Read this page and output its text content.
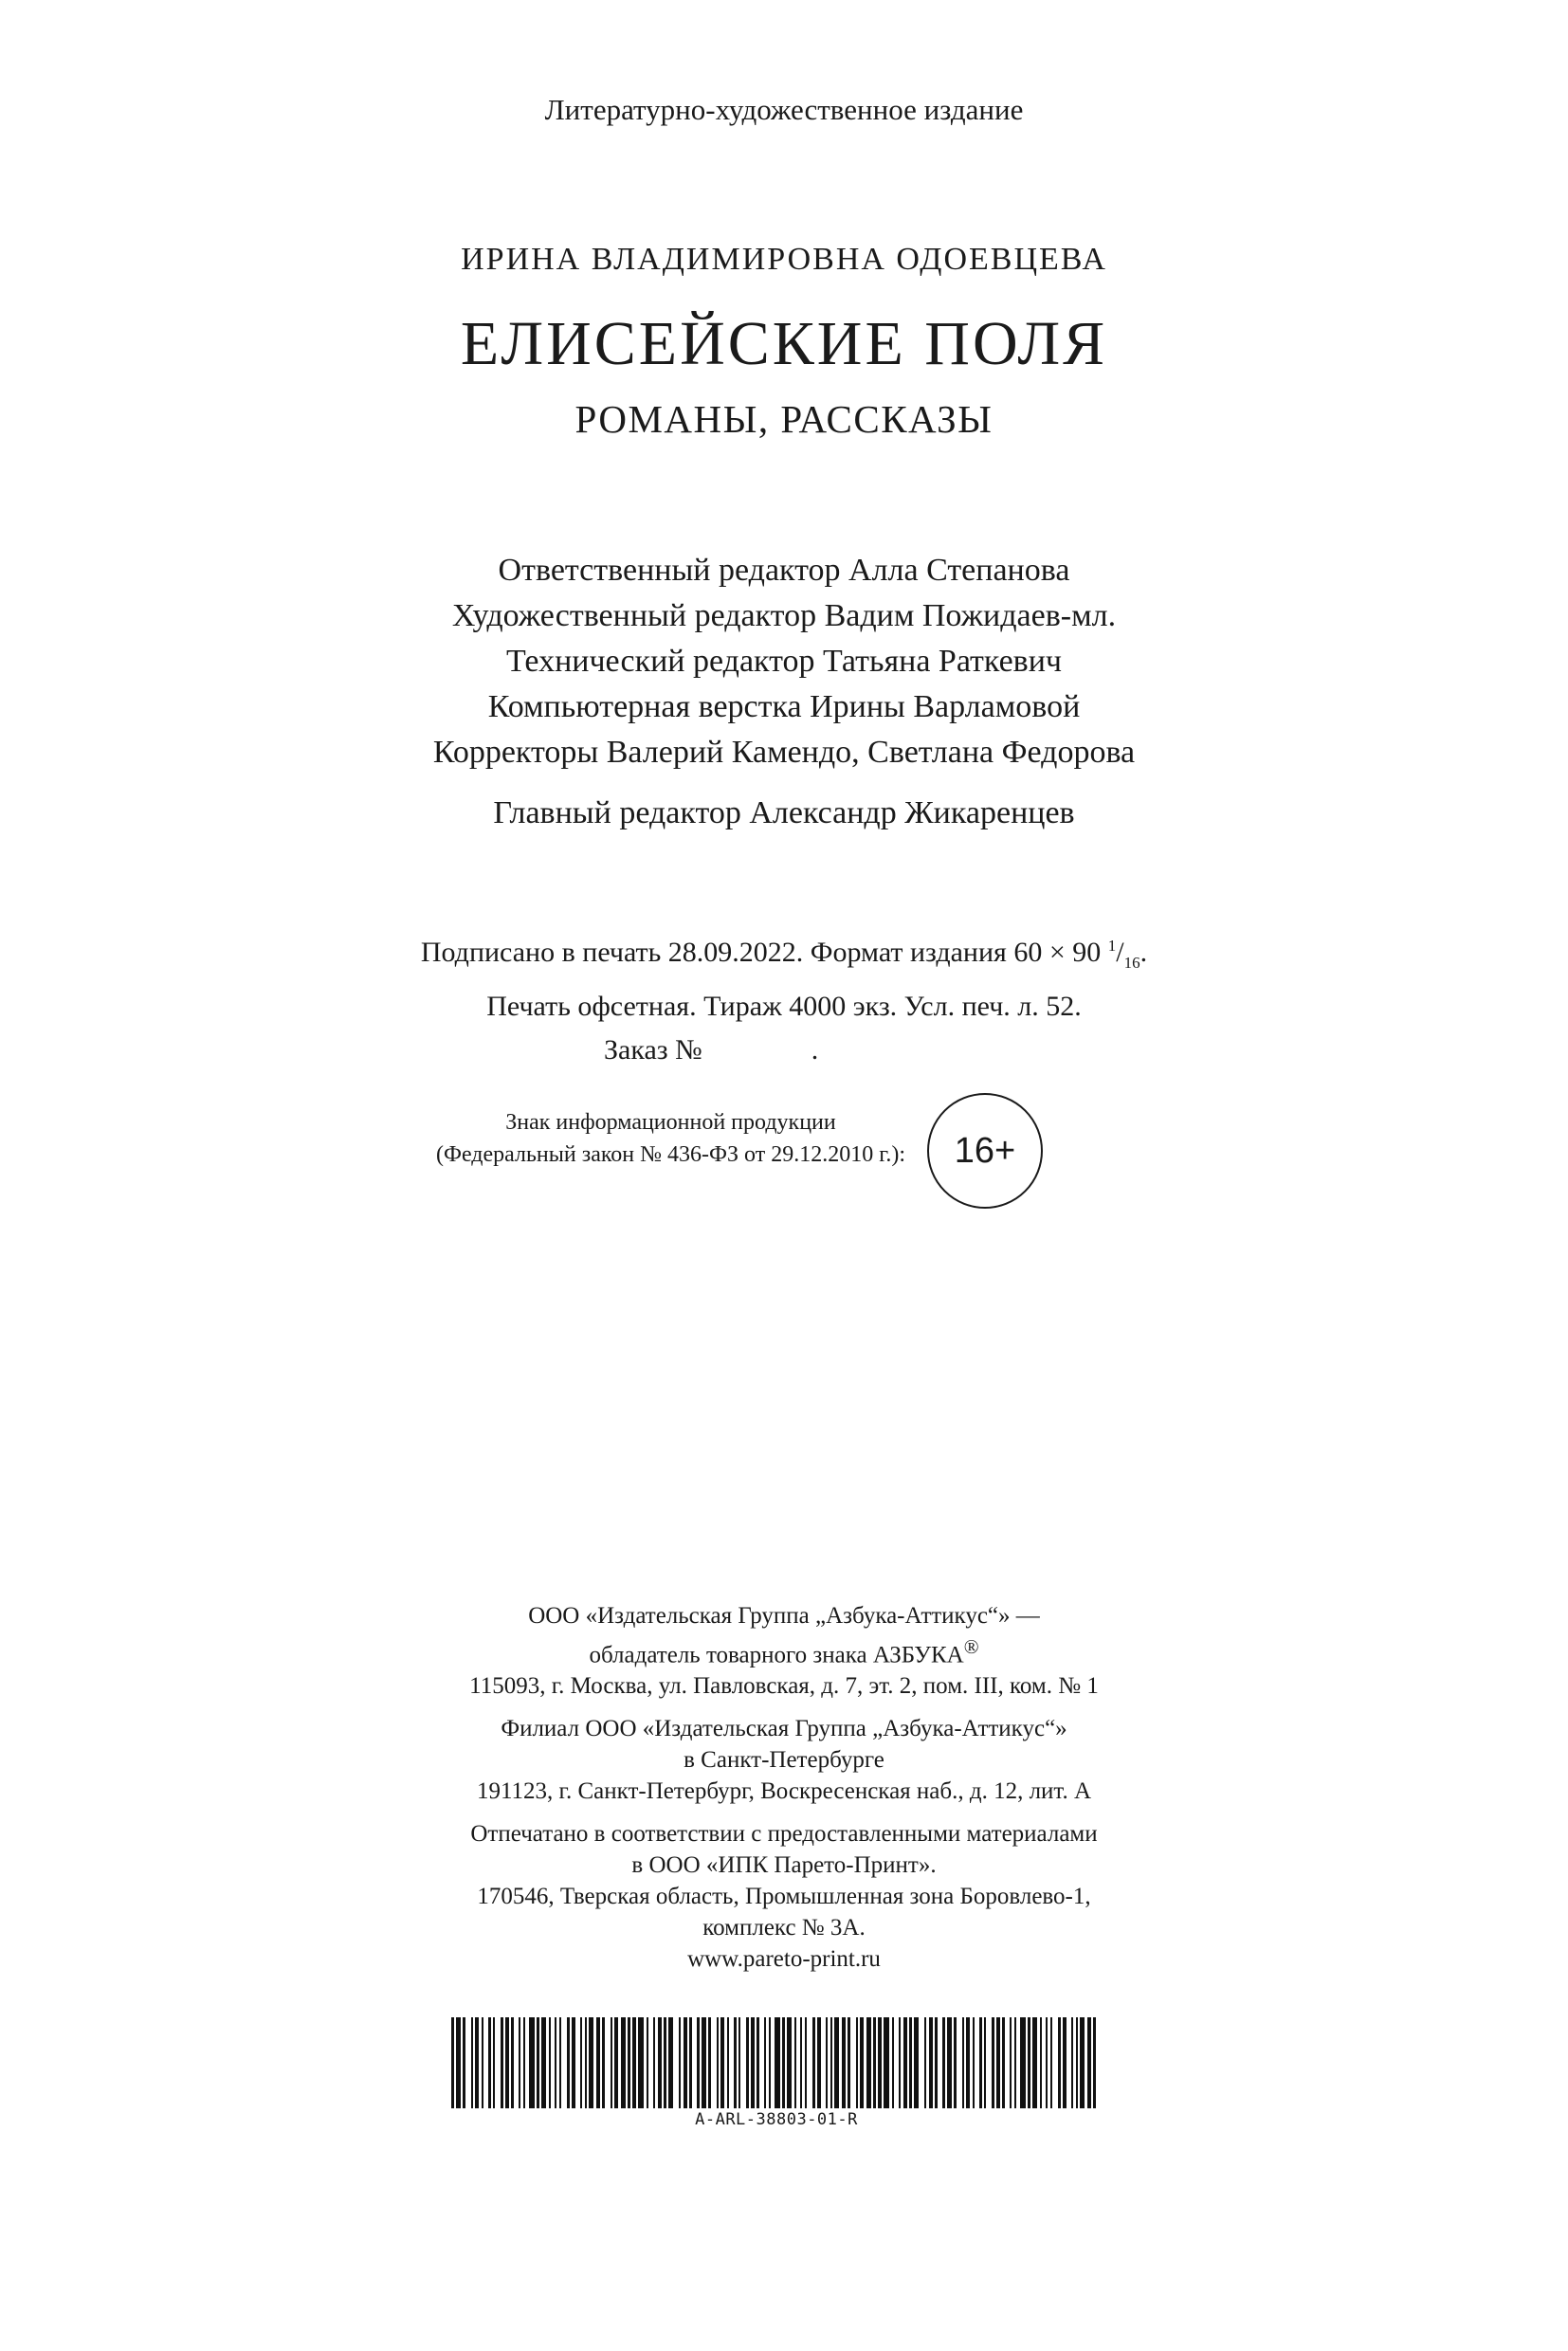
Литературно-художественное издание
ИРИНА ВЛАДИМИРОВНА ОДОЕВЦЕВА
ЕЛИСЕЙСКИЕ ПОЛЯ
РОМАНЫ, РАССКАЗЫ
Ответственный редактор Алла Степанова
Художественный редактор Вадим Пожидаев-мл.
Технический редактор Татьяна Раткевич
Компьютерная верстка Ирины Варламовой
Корректоры Валерий Камендо, Светлана Федорова
Главный редактор Александр Жикаренцев
Подписано в печать 28.09.2022. Формат издания 60 × 90 $^1/_{16}$.
Печать офсетная. Тираж 4000 экз. Усл. печ. л. 52.
Заказ №	.
Знак информационной продукции
(Федеральный закон № 436-ФЗ от 29.12.2010 г.):	16+
ООО «Издательская Группа „Азбука-Аттикус“» —
обладатель товарного знака АЗБУКА®
115093, г. Москва, ул. Павловская, д. 7, эт. 2, пом. III, ком. № 1
Филиал ООО «Издательская Группа „Азбука-Аттикус“»
в Санкт-Петербурге
191123, г. Санкт-Петербург, Воскресенская наб., д. 12, лит. А
Отпечатано в соответствии с предоставленными материалами
в ООО «ИПК Парето-Принт».
170546, Тверская область, Промышленная зона Боровлево-1,
комплекс № 3А.
www.pareto-print.ru
A-ARL-38803-01-R
